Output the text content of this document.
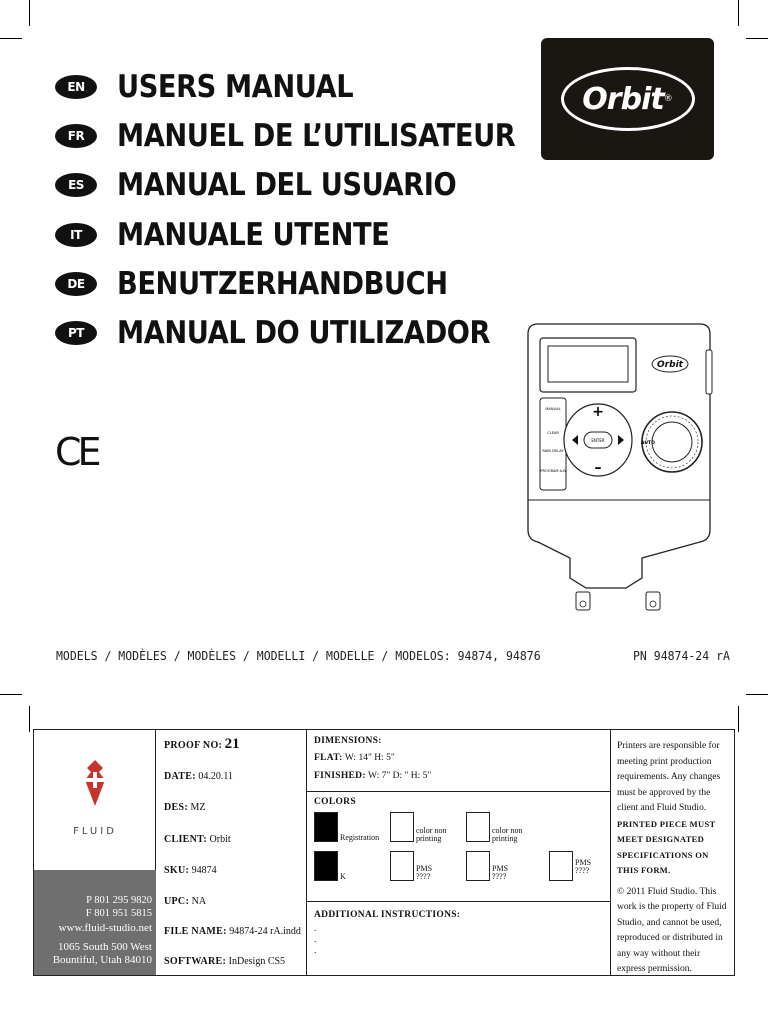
EN	USERS MANUAL
FR	MANUEL DE L’UTILISATEUR
ES	MANUAL DEL USUARIO
IT	MANUALE UTENTE
DE	BENUTZERHANDBUCH
PT	MANUAL DO UTILIZADOR
Orbit ®
CE
Orbit
MANUAL
CLEAR
RAIN DELAY
PROGRAM A-B
ENTER
+
–
AUTO
MODELS / MODÈLES / MODÈLES / MODELLI / MODELLE / MODELOS: 94874, 94876	PN 94874-24 rA
FLUID
P 801 295 9820
F 801 951 5815
www.fluid-studio.net
1065 South 500 West
Bountiful, Utah 84010
PROOF NO: 21
DATE: 04.20.11
DES: MZ
CLIENT: Orbit
SKU: 94874
UPC: NA
FILE NAME: 94874-24 rA.indd
SOFTWARE: InDesign CS5
DIMENSIONS:
FLAT: W: 14" H: 5"
FINISHED: W: 7" D: " H: 5"
COLORS
Registration
color non printing
color non printing
K
PMS ????
PMS ????
PMS ????
ADDITIONAL INSTRUCTIONS:
.
.
.

Printers are responsible for meeting print production requirements. Any changes must be approved by the client and Fluid Studio.

PRINTED PIECE MUST MEET DESIGNATED SPECIFICATIONS ON THIS FORM.

© 2011 Fluid Studio. This work is the property of Fluid Studio, and cannot be used, reproduced or distributed in any way without their express permission.
